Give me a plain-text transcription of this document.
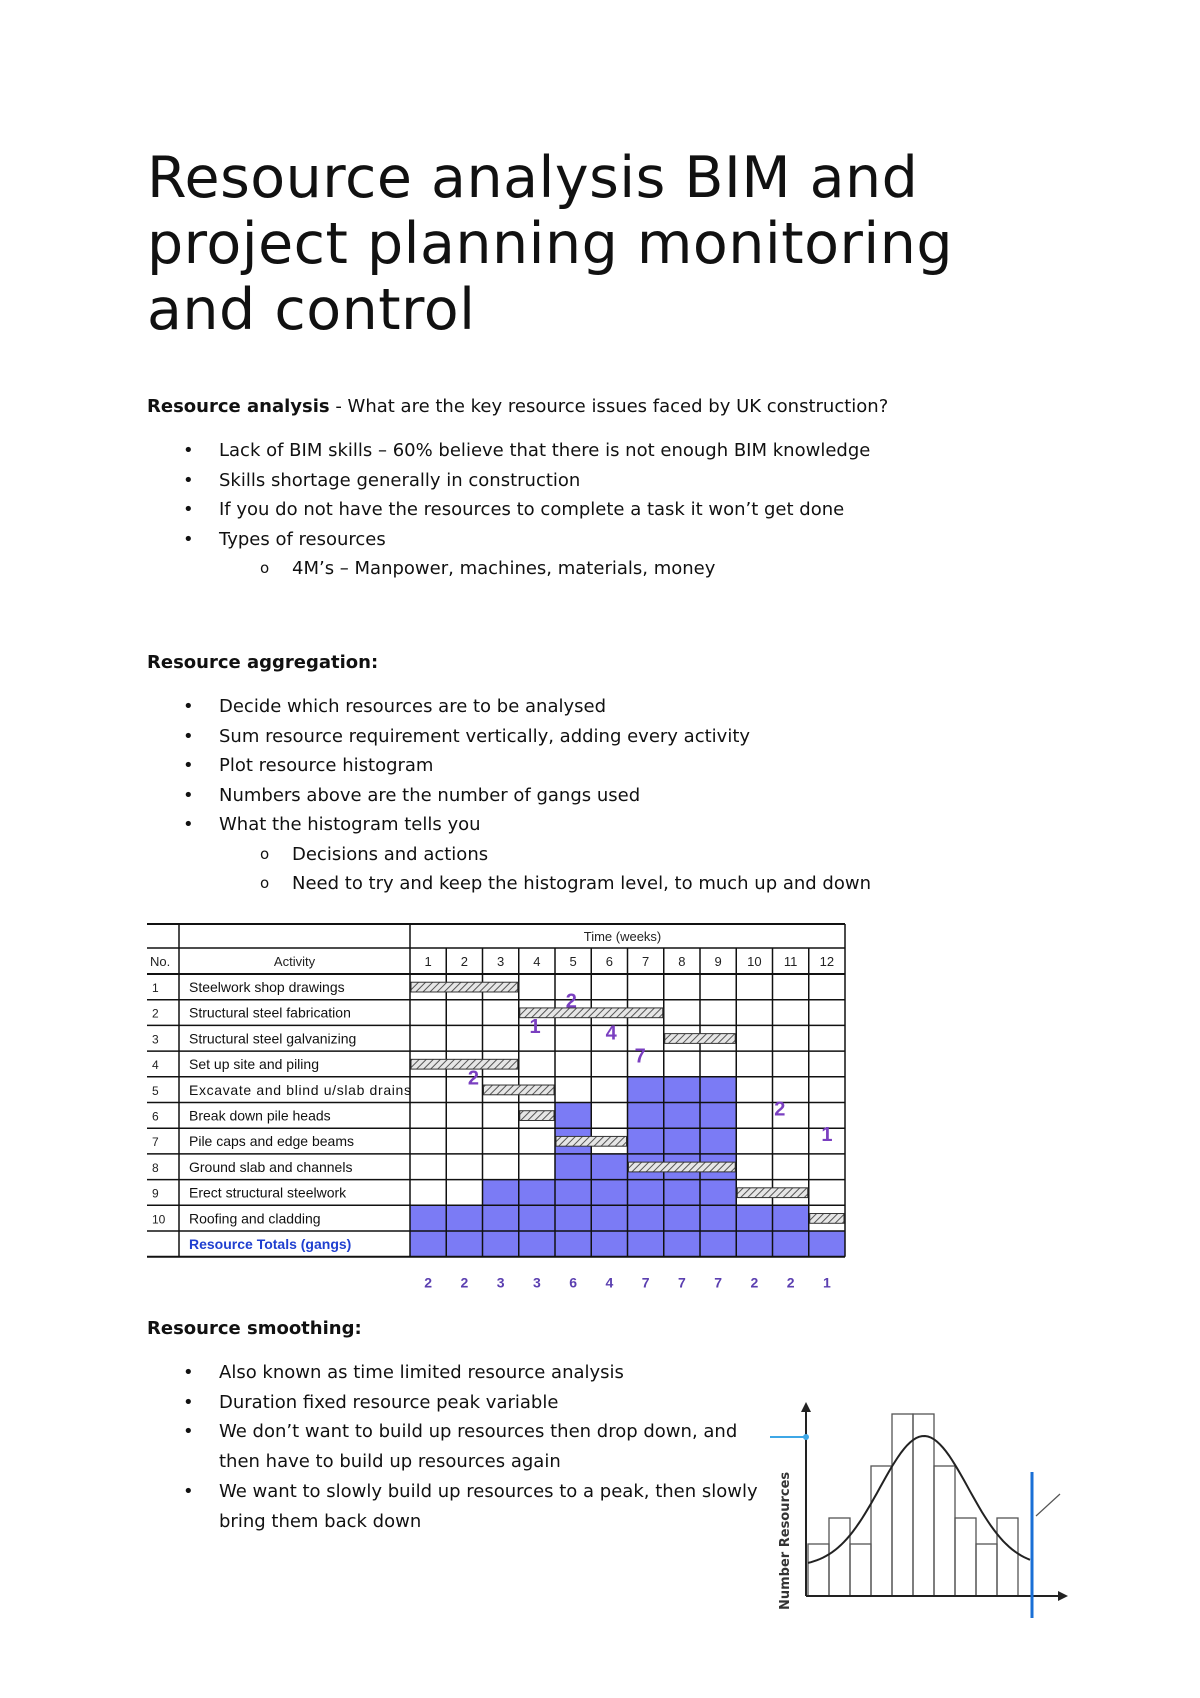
Resource analysis BIM and project planning monitoring and control
Resource analysis - What are the key resource issues faced by UK construction?
• Lack of BIM skills – 60% believe that there is not enough BIM knowledge
• Skills shortage generally in construction
• If you do not have the resources to complete a task it won’t get done
• Types of resources
o 4M’s – Manpower, machines, materials, money
Resource aggregation:
• Decide which resources are to be analysed
• Sum resource requirement vertically, adding every activity
• Plot resource histogram
• Numbers above are the number of gangs used
• What the histogram tells you
o Decisions and actions
o Need to try and keep the histogram level, to much up and down
Time (weeks)
No.	Activity	1 2 3 4 5 6 7 8 9 10 11 12
1 Steelwork shop drawings
2 Structural steel fabrication
3 Structural steel galvanizing
4 Set up site and piling
5 Excavate and blind u/slab drains
6 Break down pile heads
7 Pile caps and edge beams
8 Ground slab and channels
9 Erect structural steelwork
10 Roofing and cladding
Resource Totals (gangs)
2 2 3 3 6 4 7 7 7 2 2 1
2
1
2
4
7
2
1
Resource smoothing:
• Also known as time limited resource analysis
• Duration fixed resource peak variable
• We don’t want to build up resources then drop down, and then have to build up resources again
• We want to slowly build up resources to a peak, then slowly bring them back down	Number Resources
